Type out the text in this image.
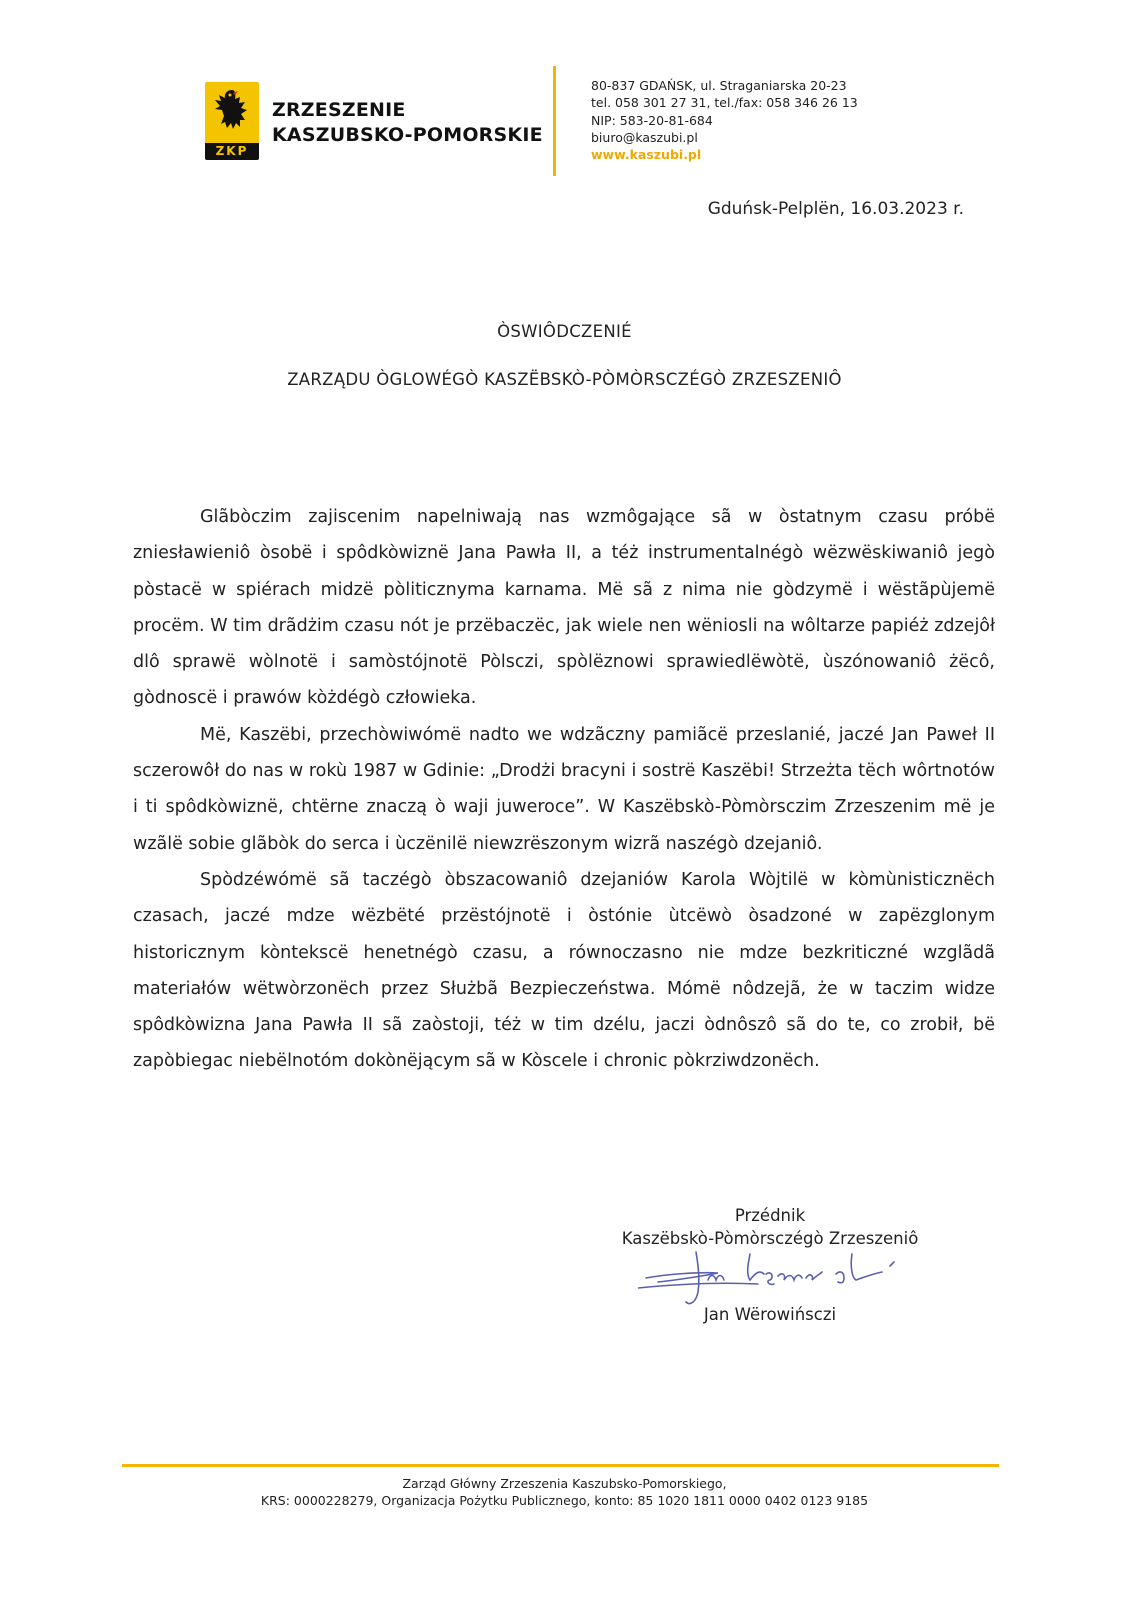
ZKP
ZRZESZENIE
KASZUBSKO-POMORSKIE
80-837 GDAŃSK, ul. Straganiarska 20-23
tel. 058 301 27 31, tel./fax: 058 346 26 13
NIP: 583-20-81-684
biuro@kaszubi.pl
www.kaszubi.pl
Gduńsk-Pelplën, 16.03.2023 r.
ÒSWIÔDCZENIÉ
ZARZĄDU ÒGLOWÉGÒ KASZËBSKÒ-PÒMÒRSCZÉGÒ ZRZESZENIÔ

Glãbòczim zajiscenim napelniwają nas wzmôgające sã w òstatnym czasu próbë zniesławieniô òsobë i spôdkòwiznë Jana Pawła II, a téż instrumentalnégò wëzwëskiwaniô jegò pòstacë w spiérach midzë pòliticznyma karnama. Më sã z nima nie gòdzymë i wëstãpùjemë procëm. W tim drãdżim czasu nót je przëbaczëc, jak wiele nen wëniosli na wôltarze papiéż zdzejôł dlô sprawë wòlnotë i samòstójnotë Pòlsczi, spòlëznowi sprawiedlëwòtë, ùszónowaniô żëcô, gòdnoscë i prawów kòżdégò człowieka.

Më, Kaszëbi, przechòwiwómë nadto we wdzãczny pamiãcë przeslanié, jaczé Jan Paweł II sczerowôł do nas w rokù 1987 w Gdinie: „Drodżi bracyni i sostrë Kaszëbi! Strzeżta tëch wôrtnotów i ti spôdkòwiznë, chtërne znaczą ò waji juweroce”. W Kaszëbskò-Pòmòrsczim Zrzeszenim më je wzãlë sobie glãbòk do serca i ùczënilë niewzrëszonym wizrã naszégò dzejaniô.

Spòdzéwómë sã taczégò òbszacowaniô dzejaniów Karola Wòjtilë w kòmùnisticznëch czasach, jaczé mdze wëzbëté przëstójnotë i òstónie ùtcëwò òsadzoné w zapëzglonym historicznym kòntekscë henetnégò czasu, a równoczasno nie mdze bezkriticzné wzglãdã materiałów wëtwòrzonëch przez Służbã Bezpieczeństwa. Mómë nôdzejã, że w taczim widze spôdkòwizna Jana Pawła II sã zaòstoji, téż w tim dzélu, jaczi òdnôszô sã do te, co zrobił, bë zapòbiegac niebëlnotóm dokònëjącym sã w Kòscele i chronic pòkrziwdzonëch.

Przédnik
Kaszëbskò-Pòmòrsczégò Zrzeszeniô
Jan Wërowińsczi
Zarząd Główny Zrzeszenia Kaszubsko-Pomorskiego,
KRS: 0000228279, Organizacja Pożytku Publicznego, konto: 85 1020 1811 0000 0402 0123 9185
